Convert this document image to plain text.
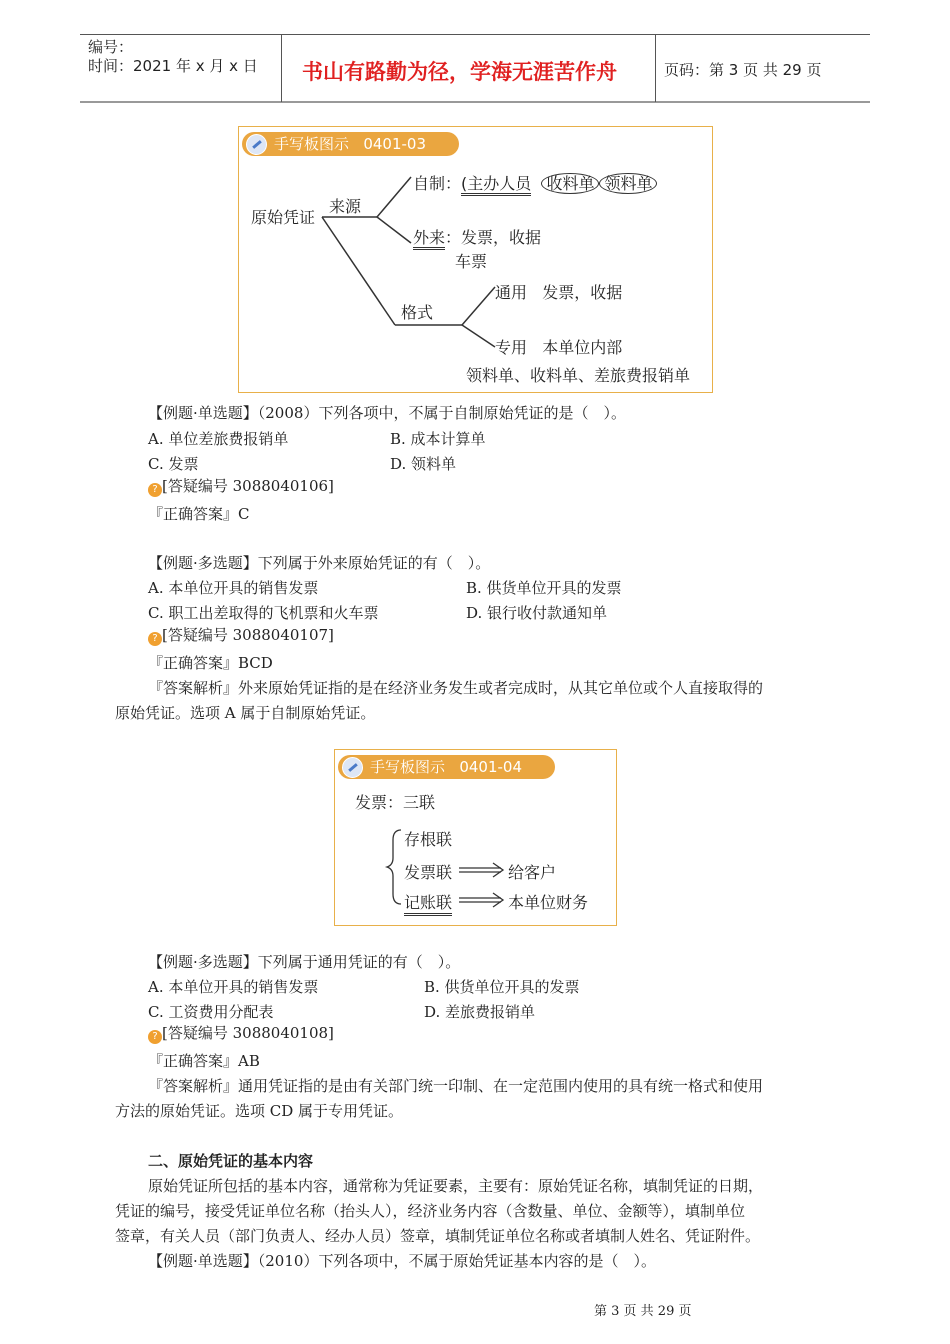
编号：
时间：2021 年 x 月 x 日 书山有路勤为径，学海无涯苦作舟	页码：第 3 页 共 29 页
手写板图示 0401-03
原始凭证
来源
自制：(主办人员 收料单 领料单
外来：发票，收据
车票
格式
通用 发票，收据
专用 本单位内部
领料单、收料单、差旅费报销单
【例题·单选题】（2008）下列各项中，不属于自制原始凭证的是（　）。
A. 单位差旅费报销单	B. 成本计算单
C. 发票	D. 领料单
? [答疑编号 3088040106]
『正确答案』C
【例题·多选题】下列属于外来原始凭证的有（　）。
A. 本单位开具的销售发票	B. 供货单位开具的发票
C. 职工出差取得的飞机票和火车票	D. 银行收付款通知单
? [答疑编号 3088040107]
『正确答案』BCD
『答案解析』外来原始凭证指的是在经济业务发生或者完成时，从其它单位或个人直接取得的
原始凭证。选项 A 属于自制原始凭证。
手写板图示 0401-04
发票：三联
存根联
发票联	给客户
记账联	本单位财务
【例题·多选题】下列属于通用凭证的有（　）。
A. 本单位开具的销售发票	B. 供货单位开具的发票
C. 工资费用分配表	D. 差旅费报销单
? [答疑编号 3088040108]
『正确答案』AB
『答案解析』通用凭证指的是由有关部门统一印制、在一定范围内使用的具有统一格式和使用
方法的原始凭证。选项 CD 属于专用凭证。
二、原始凭证的基本内容
原始凭证所包括的基本内容，通常称为凭证要素，主要有：原始凭证名称，填制凭证的日期，
凭证的编号，接受凭证单位名称（抬头人），经济业务内容（含数量、单位、金额等），填制单位
签章，有关人员（部门负责人、经办人员）签章，填制凭证单位名称或者填制人姓名、凭证附件。
【例题·单选题】（2010）下列各项中，不属于原始凭证基本内容的是（　）。
第 3 页 共 29 页
